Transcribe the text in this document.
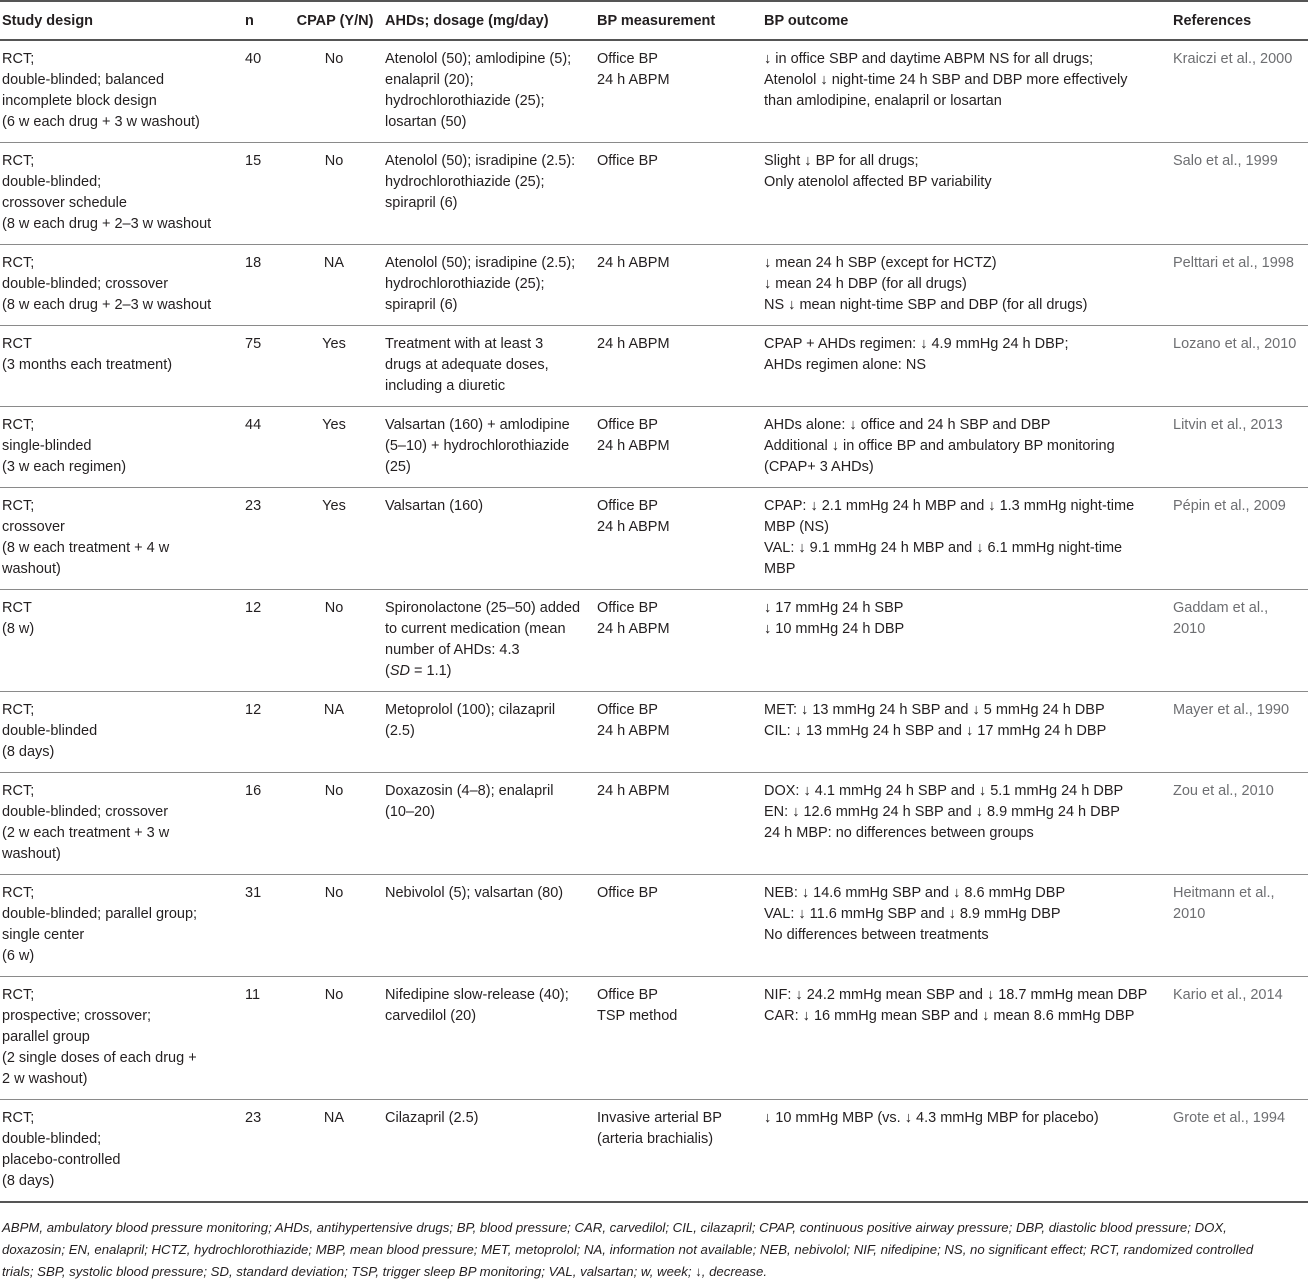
Study design	n	CPAP (Y/N)	AHDs; dosage (mg/day)	BP measurement	BP outcome	References

RCT;
double-blinded; balanced
incomplete block design
(6 w each drug + 3 w washout)	40	No	Atenolol (50); amlodipine (5);
enalapril (20);
hydrochlorothiazide (25);
losartan (50)	Office BP
24 h ABPM	↓ in office SBP and daytime ABPM NS for all drugs;
Atenolol ↓ night-time 24 h SBP and DBP more effectively
than amlodipine, enalapril or losartan	Kraiczi et al., 2000

RCT;
double-blinded;
crossover schedule
(8 w each drug + 2–3 w washout	15	No	Atenolol (50); isradipine (2.5):
hydrochlorothiazide (25);
spirapril (6)	Office BP	Slight ↓ BP for all drugs;
Only atenolol affected BP variability	Salo et al., 1999

RCT;
double-blinded; crossover
(8 w each drug + 2–3 w washout	18	NA	Atenolol (50); isradipine (2.5);
hydrochlorothiazide (25);
spirapril (6)	24 h ABPM	↓ mean 24 h SBP (except for HCTZ)
↓ mean 24 h DBP (for all drugs)
NS ↓ mean night-time SBP and DBP (for all drugs)	Pelttari et al., 1998

RCT
(3 months each treatment)	75	Yes	Treatment with at least 3
drugs at adequate doses,
including a diuretic	24 h ABPM	CPAP + AHDs regimen: ↓ 4.9 mmHg 24 h DBP;
AHDs regimen alone: NS	Lozano et al., 2010

RCT;
single-blinded
(3 w each regimen)	44	Yes	Valsartan (160) + amlodipine
(5–10) + hydrochlorothiazide
(25)	Office BP
24 h ABPM	AHDs alone: ↓ office and 24 h SBP and DBP
Additional ↓ in office BP and ambulatory BP monitoring
(CPAP+ 3 AHDs)	Litvin et al., 2013

RCT;
crossover
(8 w each treatment + 4 w
washout)	23	Yes	Valsartan (160)	Office BP
24 h ABPM	CPAP: ↓ 2.1 mmHg 24 h MBP and ↓ 1.3 mmHg night-time
MBP (NS)
VAL: ↓ 9.1 mmHg 24 h MBP and ↓ 6.1 mmHg night-time
MBP	Pépin et al., 2009

RCT
(8 w)	12	No	Spironolactone (25–50) added
to current medication (mean
number of AHDs: 4.3
(SD = 1.1)	Office BP
24 h ABPM	↓ 17 mmHg 24 h SBP
↓ 10 mmHg 24 h DBP	Gaddam et al.,
2010

RCT;
double-blinded
(8 days)	12	NA	Metoprolol (100); cilazapril
(2.5)	Office BP
24 h ABPM	MET: ↓ 13 mmHg 24 h SBP and ↓ 5 mmHg 24 h DBP
CIL: ↓ 13 mmHg 24 h SBP and ↓ 17 mmHg 24 h DBP	Mayer et al., 1990

RCT;
double-blinded; crossover
(2 w each treatment + 3 w
washout)	16	No	Doxazosin (4–8); enalapril
(10–20)	24 h ABPM	DOX: ↓ 4.1 mmHg 24 h SBP and ↓ 5.1 mmHg 24 h DBP
EN: ↓ 12.6 mmHg 24 h SBP and ↓ 8.9 mmHg 24 h DBP
24 h MBP: no differences between groups	Zou et al., 2010

RCT;
double-blinded; parallel group;
single center
(6 w)	31	No	Nebivolol (5); valsartan (80)	Office BP	NEB: ↓ 14.6 mmHg SBP and ↓ 8.6 mmHg DBP
VAL: ↓ 11.6 mmHg SBP and ↓ 8.9 mmHg DBP
No differences between treatments	Heitmann et al.,
2010

RCT;
prospective; crossover;
parallel group
(2 single doses of each drug +
2 w washout)	11	No	Nifedipine slow-release (40);
carvedilol (20)	Office BP
TSP method	NIF: ↓ 24.2 mmHg mean SBP and ↓ 18.7 mmHg mean DBP
CAR: ↓ 16 mmHg mean SBP and ↓ mean 8.6 mmHg DBP	Kario et al., 2014

RCT;
double-blinded;
placebo-controlled
(8 days)	23	NA	Cilazapril (2.5)	Invasive arterial BP
(arteria brachialis)	↓ 10 mmHg MBP (vs. ↓ 4.3 mmHg MBP for placebo)	Grote et al., 1994
ABPM, ambulatory blood pressure monitoring; AHDs, antihypertensive drugs; BP, blood pressure; CAR, carvedilol; CIL, cilazapril; CPAP, continuous positive airway pressure; DBP, diastolic blood pressure; DOX,
doxazosin; EN, enalapril; HCTZ, hydrochlorothiazide; MBP, mean blood pressure; MET, metoprolol; NA, information not available; NEB, nebivolol; NIF, nifedipine; NS, no significant effect; RCT, randomized controlled
trials; SBP, systolic blood pressure; SD, standard deviation; TSP, trigger sleep BP monitoring; VAL, valsartan; w, week; ↓, decrease.
